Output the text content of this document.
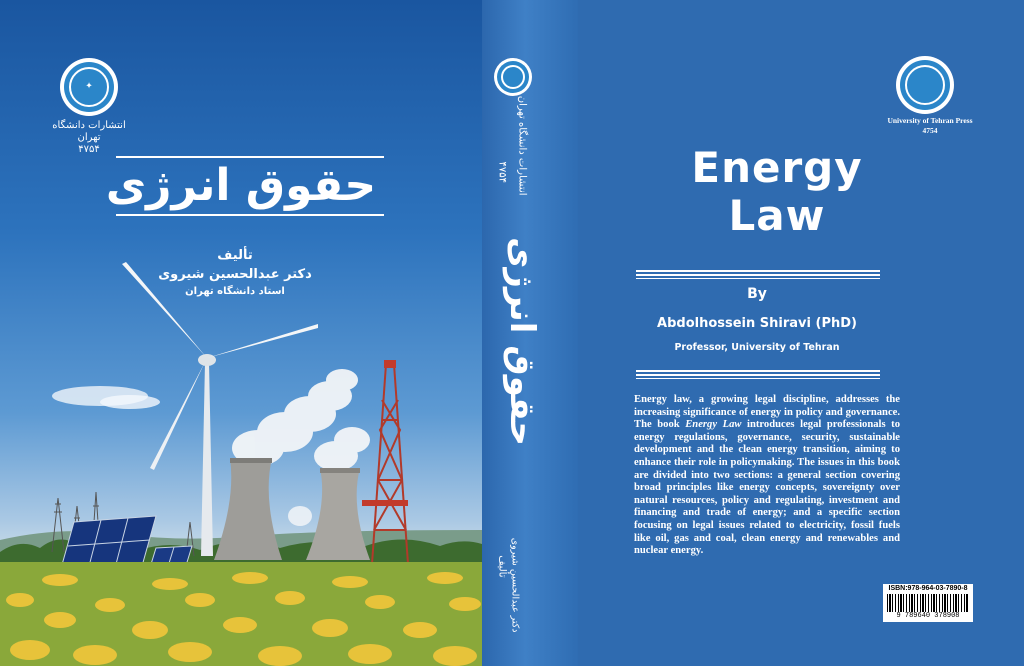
✦
انتشارات دانشگاه تهران
۴۷۵۴
حقوق انرژی
تألیف
دکتر عبدالحسین شیروی
استاد دانشگاه تهران
انتشارات دانشگاه تهران
۴۷۵۴
حقوق انرژی
تألیف دکتر عبدالحسین شیروی
University of Tehran Press
4754
Energy
Law
By
Abdolhossein Shiravi (PhD)
Professor, University of Tehran
Energy law, a growing legal discipline, addresses the increasing significance of energy in policy and governance. The book Energy Law introduces legal professionals to energy regulations, governance, security, sustainable development and the clean energy transition, aiming to enhance their role in policymaking. The issues in this book are divided into two sections: a general section covering broad principles like energy concepts, sovereignty over natural resources, policy and regulating, investment and financing and trade of energy; and a specific section focusing on legal issues related to electricity, fossil fuels like oil, gas and coal, clean energy and renewables and nuclear energy.
ISBN:978-964-03-7890-8
9 789640 378908
